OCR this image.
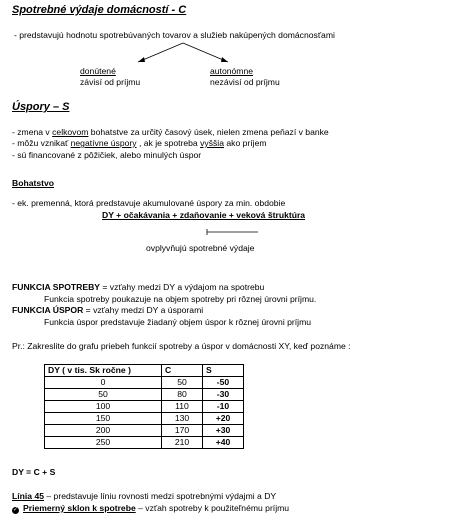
Spotrebné výdaje domácností - C
- predstavujú hodnotu spotrebúvaných tovarov a služieb nakúpených domácnosťami
donútené
závisí od príjmu
autonómne
nezávisí od príjmu
Úspory – S
- zmena v celkovom bohatstve za určitý časový úsek, nielen zmena peňazí v banke
- môžu vznikať negatívne úspory , ak je spotreba vyššia ako príjem
- sú financované z pôžičiek, alebo minulých úspor
Bohatstvo
- ek. premenná, ktorá predstavuje akumulované úspory za min. obdobie
DY + očakávania + zdaňovanie + veková štruktúra
ovplyvňujú spotrebné výdaje
FUNKCIA SPOTREBY = vzťahy medzi DY a výdajom na spotrebu
Funkcia spotreby poukazuje na objem spotreby pri rôznej úrovni príjmu.
FUNKCIA ÚSPOR = vzťahy medzi DY a úsporami
Funkcia úspor predstavuje žiadaný objem úspor k rôznej úrovni príjmu
Pr.: Zakreslite do grafu priebeh funkcií spotreby a úspor v domácnosti XY, keď poznáme :
DY ( v tis. Sk ročne )	C	S
0	50	-50
50	80	-30
100	110	-10
150	130	+20
200	170	+30
250	210	+40
DY = C + S
Línia 45 – predstavuje líniu rovnosti medzi spotrebnými výdajmi a DY
✓ Priemerný sklon k spotrebe – vzťah spotreby k použiteľnému príjmu
